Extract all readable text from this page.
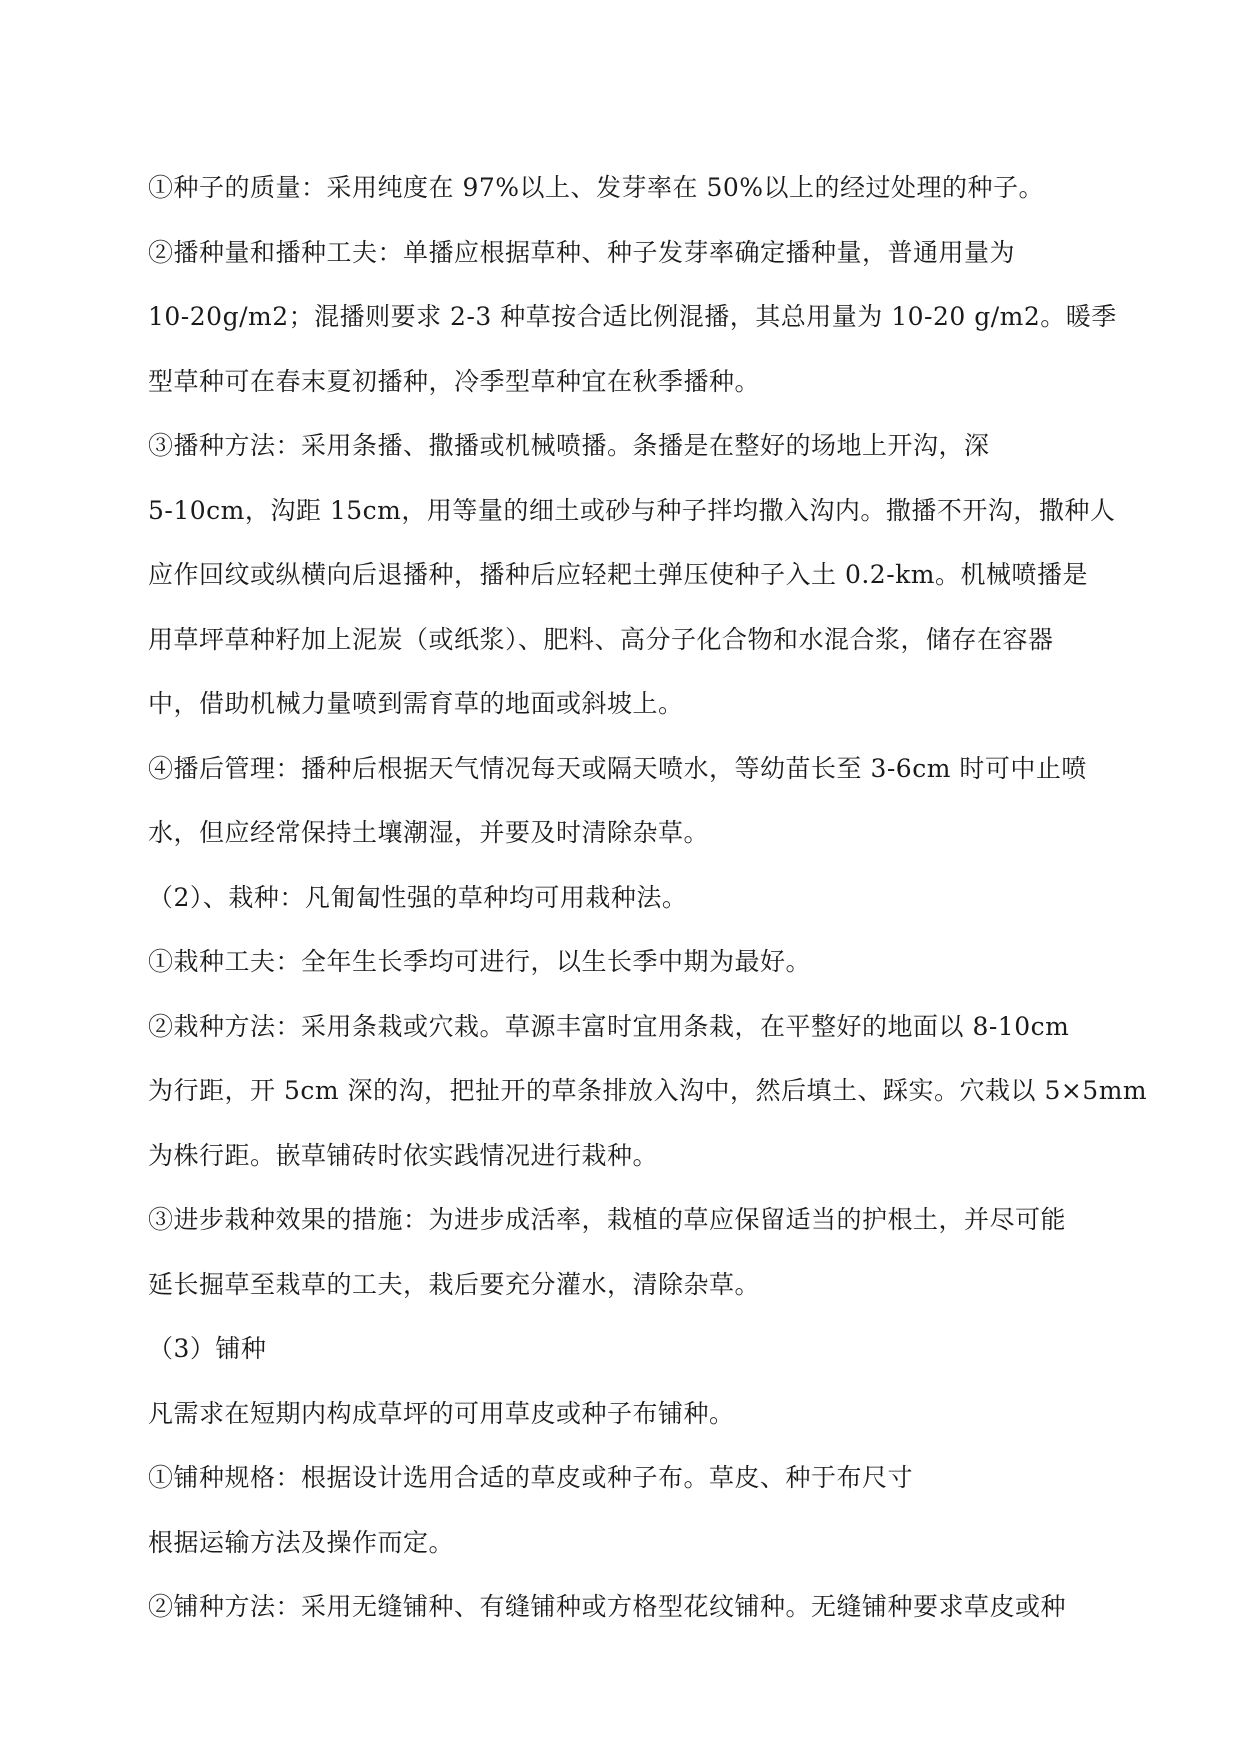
①种子的质量：采用纯度在 97%以上、发芽率在 50%以上的经过处理的种子。
②播种量和播种工夫：单播应根据草种、种子发芽率确定播种量，普通用量为
10-20g/m2；混播则要求 2-3 种草按合适比例混播，其总用量为 10-20 g/m2。暖季
型草种可在春末夏初播种，冷季型草种宜在秋季播种。
③播种方法：采用条播、撒播或机械喷播。条播是在整好的场地上开沟，深
5-10cm，沟距 15cm，用等量的细土或砂与种子拌均撒入沟内。撒播不开沟，撒种人
应作回纹或纵横向后退播种，播种后应轻耙土弹压使种子入土 0.2-km。机械喷播是
用草坪草种籽加上泥炭（或纸浆）、肥料、高分子化合物和水混合浆，储存在容器
中，借助机械力量喷到需育草的地面或斜坡上。
④播后管理：播种后根据天气情况每天或隔天喷水，等幼苗长至 3-6cm 时可中止喷
水，但应经常保持土壤潮湿，并要及时清除杂草。
（2）、栽种：凡匍匐性强的草种均可用栽种法。
①栽种工夫：全年生长季均可进行，以生长季中期为最好。
②栽种方法：采用条栽或穴栽。草源丰富时宜用条栽，在平整好的地面以 8-10cm
为行距，开 5cm 深的沟，把扯开的草条排放入沟中，然后填土、踩实。穴栽以 5×5mm
为株行距。嵌草铺砖时依实践情况进行栽种。
③进步栽种效果的措施：为进步成活率，栽植的草应保留适当的护根土，并尽可能
延长掘草至栽草的工夫，栽后要充分灌水，清除杂草。
（3）铺种
凡需求在短期内构成草坪的可用草皮或种子布铺种。
①铺种规格：根据设计选用合适的草皮或种子布。草皮、种于布尺寸
根据运输方法及操作而定。
②铺种方法：采用无缝铺种、有缝铺种或方格型花纹铺种。无缝铺种要求草皮或种
